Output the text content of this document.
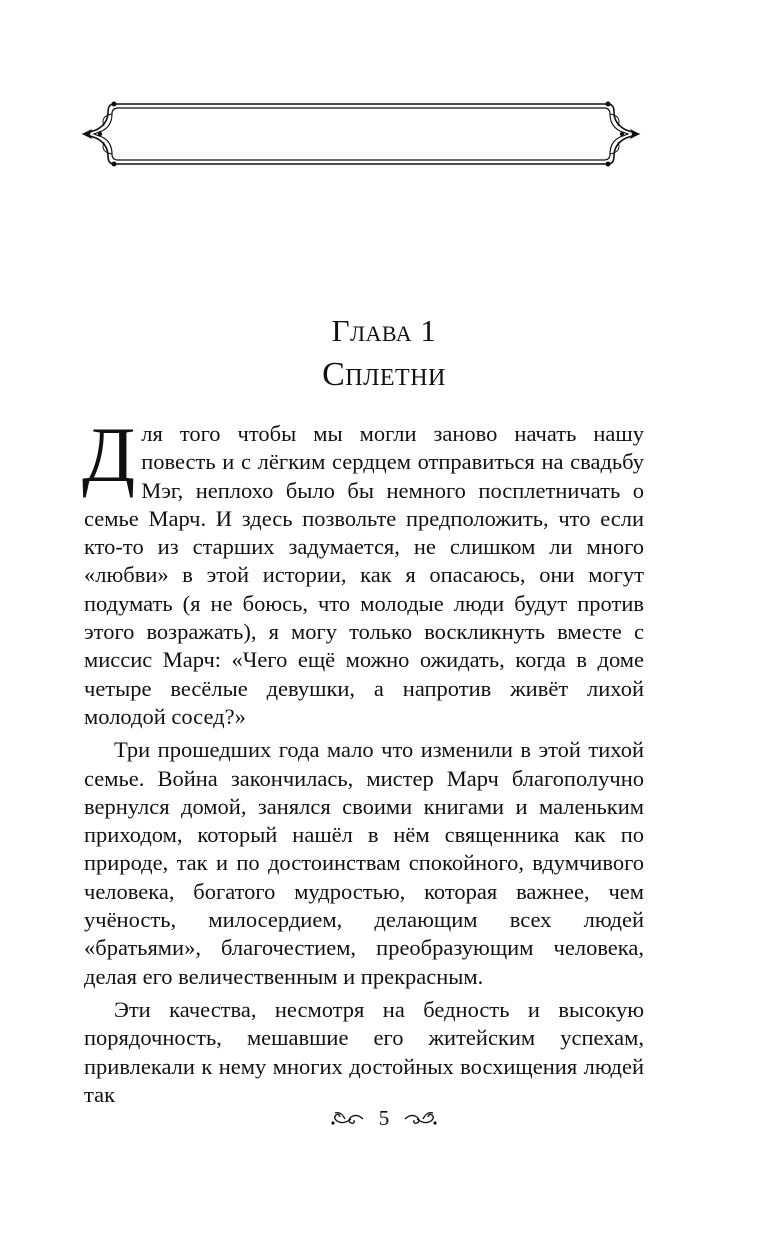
Глава 1
Сплетни

Для того чтобы мы могли заново начать нашу повесть и с лёгким сердцем отправиться на свадьбу Мэг, неплохо было бы немного посплетничать о семье Марч. И здесь позвольте предположить, что если кто-то из старших задумается, не слишком ли много «любви» в этой истории, как я опасаюсь, они могут подумать (я не боюсь, что молодые люди будут против этого возражать), я могу только воскликнуть вместе с миссис Марч: «Чего ещё можно ожидать, когда в доме четыре весёлые девушки, а напротив живёт лихой молодой сосед?»

Три прошедших года мало что изменили в этой тихой семье. Война закончилась, мистер Марч благополучно вернулся домой, занялся своими книгами и маленьким приходом, который нашёл в нём священника как по природе, так и по достоинствам спокойного, вдумчивого человека, богатого мудростью, которая важнее, чем учёность, милосердием, делающим всех людей «братьями», благочестием, преобразующим человека, делая его величественным и прекрасным.

Эти качества, несмотря на бедность и высокую порядочность, мешавшие его житейским успехам, привлекали к нему многих достойных восхищения людей так

5
